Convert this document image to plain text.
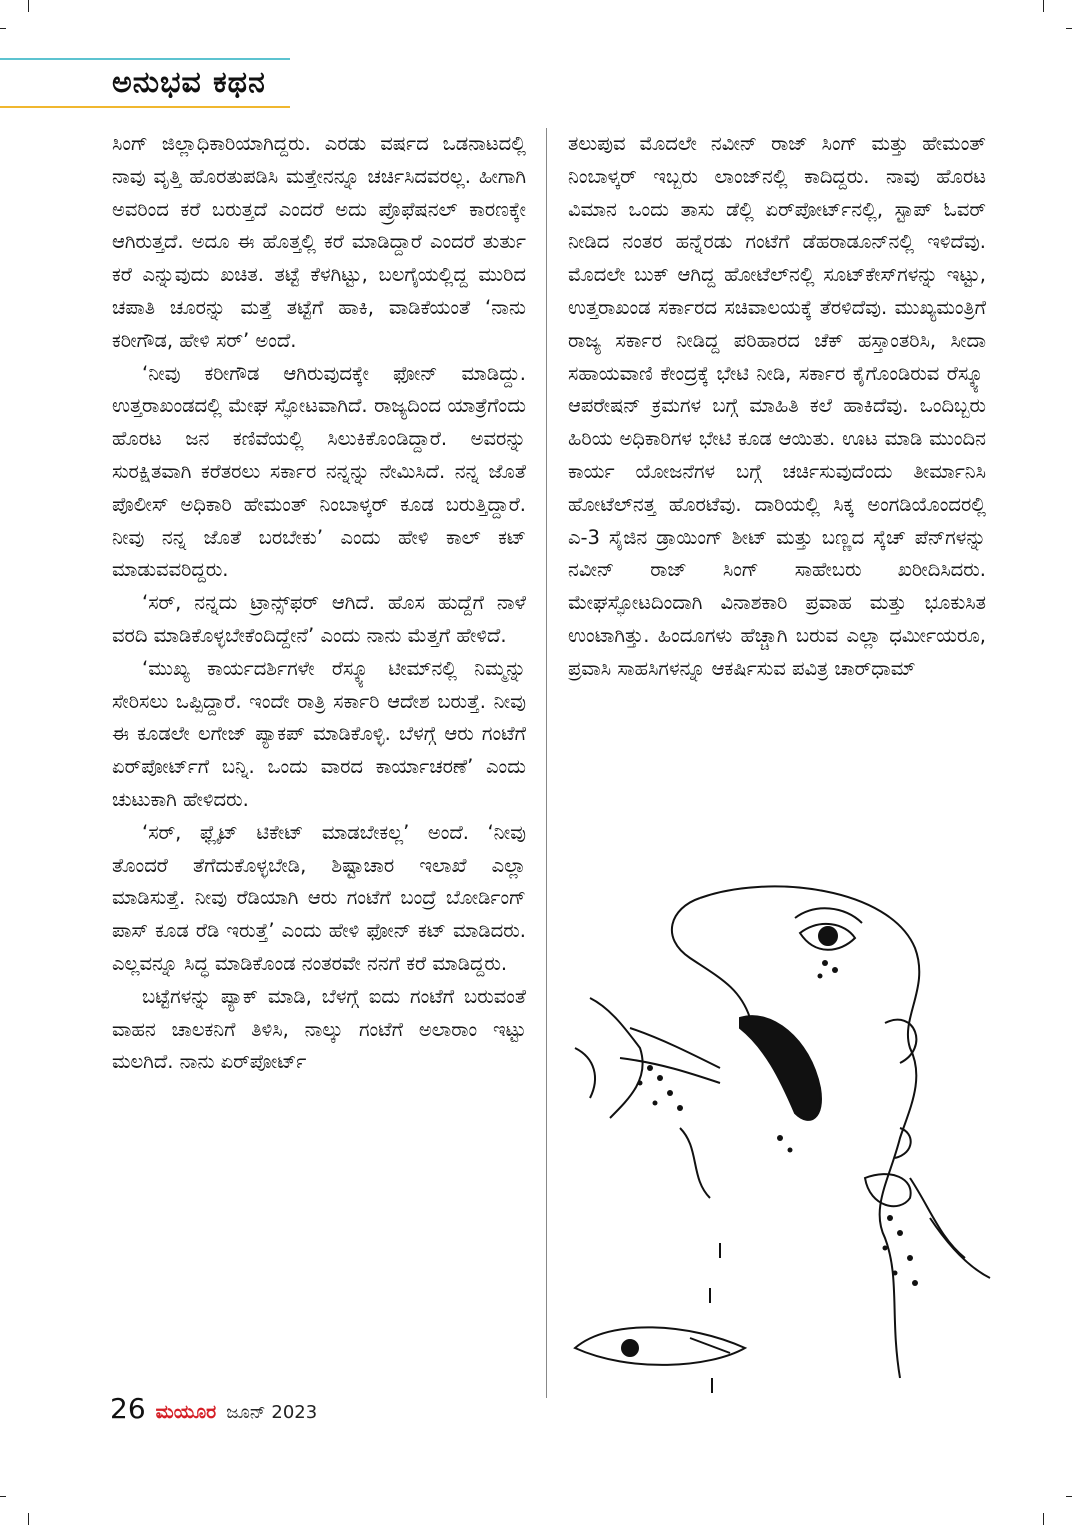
ಅನುಭವ ಕಥನ

ಸಿಂಗ್ ಜಿಲ್ಲಾಧಿಕಾರಿಯಾಗಿದ್ದರು. ಎರಡು ವರ್ಷದ ಒಡನಾಟದಲ್ಲಿ ನಾವು ವೃತ್ತಿ ಹೊರತುಪಡಿಸಿ ಮತ್ತೇನನ್ನೂ ಚರ್ಚಿಸಿದವರಲ್ಲ. ಹೀಗಾಗಿ ಅವರಿಂದ ಕರೆ ಬರುತ್ತದೆ ಎಂದರೆ ಅದು ಪ್ರೊಫೆಷನಲ್ ಕಾರಣಕ್ಕೇ ಆಗಿರುತ್ತದೆ. ಅದೂ ಈ ಹೊತ್ತಲ್ಲಿ ಕರೆ ಮಾಡಿದ್ದಾರೆ ಎಂದರೆ ತುರ್ತು ಕರೆ ಎನ್ನುವುದು ಖಚಿತ. ತಟ್ಟೆ ಕೆಳಗಿಟ್ಟು, ಬಲಗೈಯಲ್ಲಿದ್ದ ಮುರಿದ ಚಪಾತಿ ಚೂರನ್ನು ಮತ್ತೆ ತಟ್ಟೆಗೆ ಹಾಕಿ, ವಾಡಿಕೆಯಂತೆ ‘ನಾನು ಕರೀಗೌಡ, ಹೇಳಿ ಸರ್’ ಅಂದೆ.

‘ನೀವು ಕರೀಗೌಡ ಆಗಿರುವುದಕ್ಕೇ ಫೋನ್ ಮಾಡಿದ್ದು. ಉತ್ತರಾಖಂಡದಲ್ಲಿ ಮೇಘ ಸ್ಫೋಟವಾಗಿದೆ. ರಾಜ್ಯದಿಂದ ಯಾತ್ರೆಗೆಂದು ಹೊರಟ ಜನ ಕಣಿವೆಯಲ್ಲಿ ಸಿಲುಕಿಕೊಂಡಿದ್ದಾರೆ. ಅವರನ್ನು ಸುರಕ್ಷಿತವಾಗಿ ಕರೆತರಲು ಸರ್ಕಾರ ನನ್ನನ್ನು ನೇಮಿಸಿದೆ. ನನ್ನ ಜೊತೆ ಪೊಲೀಸ್ ಅಧಿಕಾರಿ ಹೇಮಂತ್ ನಿಂಬಾಳ್ಕರ್ ಕೂಡ ಬರುತ್ತಿದ್ದಾರೆ. ನೀವು ನನ್ನ ಜೊತೆ ಬರಬೇಕು’ ಎಂದು ಹೇಳಿ ಕಾಲ್ ಕಟ್ ಮಾಡುವವರಿದ್ದರು.

‘ಸರ್, ನನ್ನದು ಟ್ರಾನ್ಸ್‌ಫರ್ ಆಗಿದೆ. ಹೊಸ ಹುದ್ದೆಗೆ ನಾಳೆ ವರದಿ ಮಾಡಿಕೊಳ್ಳಬೇಕೆಂದಿದ್ದೇನೆ’ ಎಂದು ನಾನು ಮೆತ್ತಗೆ ಹೇಳಿದೆ.

‘ಮುಖ್ಯ ಕಾರ್ಯದರ್ಶಿಗಳೇ ರೆಸ್ಕ್ಯೂ ಟೀಮ್‌ನಲ್ಲಿ ನಿಮ್ಮನ್ನು ಸೇರಿಸಲು ಒಪ್ಪಿದ್ದಾರೆ. ಇಂದೇ ರಾತ್ರಿ ಸರ್ಕಾರಿ ಆದೇಶ ಬರುತ್ತೆ. ನೀವು ಈ ಕೂಡಲೇ ಲಗೇಜ್ ಪ್ಯಾಕಪ್ ಮಾಡಿಕೊಳ್ಳಿ. ಬೆಳಗ್ಗೆ ಆರು ಗಂಟೆಗೆ ಏರ್‌ಪೋರ್ಟ್‌ಗೆ ಬನ್ನಿ. ಒಂದು ವಾರದ ಕಾರ್ಯಾಚರಣೆ’ ಎಂದು ಚುಟುಕಾಗಿ ಹೇಳಿದರು.

‘ಸರ್, ಫ್ಲೈಟ್ ಟಿಕೇಟ್ ಮಾಡಬೇಕಲ್ಲ’ ಅಂದೆ. ‘ನೀವು ತೊಂದರೆ ತೆಗೆದುಕೊಳ್ಳಬೇಡಿ, ಶಿಷ್ಟಾಚಾರ ಇಲಾಖೆ ಎಲ್ಲಾ ಮಾಡಿಸುತ್ತೆ. ನೀವು ರೆಡಿಯಾಗಿ ಆರು ಗಂಟೆಗೆ ಬಂದ್ರೆ ಬೋರ್ಡಿಂಗ್ ಪಾಸ್ ಕೂಡ ರೆಡಿ ಇರುತ್ತೆ’ ಎಂದು ಹೇಳಿ ಫೋನ್ ಕಟ್ ಮಾಡಿದರು. ಎಲ್ಲವನ್ನೂ ಸಿದ್ಧ ಮಾಡಿಕೊಂಡ ನಂತರವೇ ನನಗೆ ಕರೆ ಮಾಡಿದ್ದರು.

ಬಟ್ಟೆಗಳನ್ನು ಪ್ಯಾಕ್ ಮಾಡಿ, ಬೆಳಗ್ಗೆ ಐದು ಗಂಟೆಗೆ ಬರುವಂತೆ ವಾಹನ ಚಾಲಕನಿಗೆ ತಿಳಿಸಿ, ನಾಲ್ಕು ಗಂಟೆಗೆ ಅಲಾರಾಂ ಇಟ್ಟು ಮಲಗಿದೆ. ನಾನು ಏರ್‌ಪೋರ್ಟ್

ತಲುಪುವ ಮೊದಲೇ ನವೀನ್ ರಾಜ್ ಸಿಂಗ್ ಮತ್ತು ಹೇಮಂತ್ ನಿಂಬಾಳ್ಕರ್ ಇಬ್ಬರು ಲಾಂಜ್‌ನಲ್ಲಿ ಕಾದಿದ್ದರು. ನಾವು ಹೊರಟ ವಿಮಾನ ಒಂದು ತಾಸು ಡೆಲ್ಲಿ ಏರ್‌ಪೋರ್ಟ್‌ನಲ್ಲಿ, ಸ್ಟಾಪ್ ಓವರ್ ನೀಡಿದ ನಂತರ ಹನ್ನೆರಡು ಗಂಟೆಗೆ ಡೆಹರಾಡೂನ್‌ನಲ್ಲಿ ಇಳಿದೆವು. ಮೊದಲೇ ಬುಕ್ ಆಗಿದ್ದ ಹೋಟೆಲ್‌ನಲ್ಲಿ ಸೂಟ್‌ಕೇಸ್‌ಗಳನ್ನು ಇಟ್ಟು, ಉತ್ತರಾಖಂಡ ಸರ್ಕಾರದ ಸಚಿವಾಲಯಕ್ಕೆ ತೆರಳಿದೆವು. ಮುಖ್ಯಮಂತ್ರಿಗೆ ರಾಜ್ಯ ಸರ್ಕಾರ ನೀಡಿದ್ದ ಪರಿಹಾರದ ಚೆಕ್ ಹಸ್ತಾಂತರಿಸಿ, ಸೀದಾ ಸಹಾಯವಾಣಿ ಕೇಂದ್ರಕ್ಕೆ ಭೇಟಿ ನೀಡಿ, ಸರ್ಕಾರ ಕೈಗೊಂಡಿರುವ ರೆಸ್ಕ್ಯೂ ಆಪರೇಷನ್ ಕ್ರಮಗಳ ಬಗ್ಗೆ ಮಾಹಿತಿ ಕಲೆ ಹಾಕಿದೆವು. ಒಂದಿಬ್ಬರು ಹಿರಿಯ ಅಧಿಕಾರಿಗಳ ಭೇಟಿ ಕೂಡ ಆಯಿತು. ಊಟ ಮಾಡಿ ಮುಂದಿನ ಕಾರ್ಯ ಯೋಜನೆಗಳ ಬಗ್ಗೆ ಚರ್ಚಿಸುವುದೆಂದು ತೀರ್ಮಾನಿಸಿ ಹೋಟೆಲ್‌ನತ್ತ ಹೊರಟೆವು. ದಾರಿಯಲ್ಲಿ ಸಿಕ್ಕ ಅಂಗಡಿಯೊಂದರಲ್ಲಿ ಎ-3 ಸೈಜಿನ ಡ್ರಾಯಿಂಗ್ ಶೀಟ್ ಮತ್ತು ಬಣ್ಣದ ಸ್ಕೆಚ್ ಪೆನ್‌ಗಳನ್ನು ನವೀನ್ ರಾಜ್ ಸಿಂಗ್ ಸಾಹೇಬರು ಖರೀದಿಸಿದರು. ಮೇಘಸ್ಫೋಟದಿಂದಾಗಿ ವಿನಾಶಕಾರಿ ಪ್ರವಾಹ ಮತ್ತು ಭೂಕುಸಿತ ಉಂಟಾಗಿತ್ತು. ಹಿಂದೂಗಳು ಹೆಚ್ಚಾಗಿ ಬರುವ ಎಲ್ಲಾ ಧರ್ಮೀಯರೂ, ಪ್ರವಾಸಿ ಸಾಹಸಿಗಳನ್ನೂ ಆಕರ್ಷಿಸುವ ಪವಿತ್ರ ಚಾರ್‌ಧಾಮ್

26 ಮಯೂರ ಜೂನ್ 2023
